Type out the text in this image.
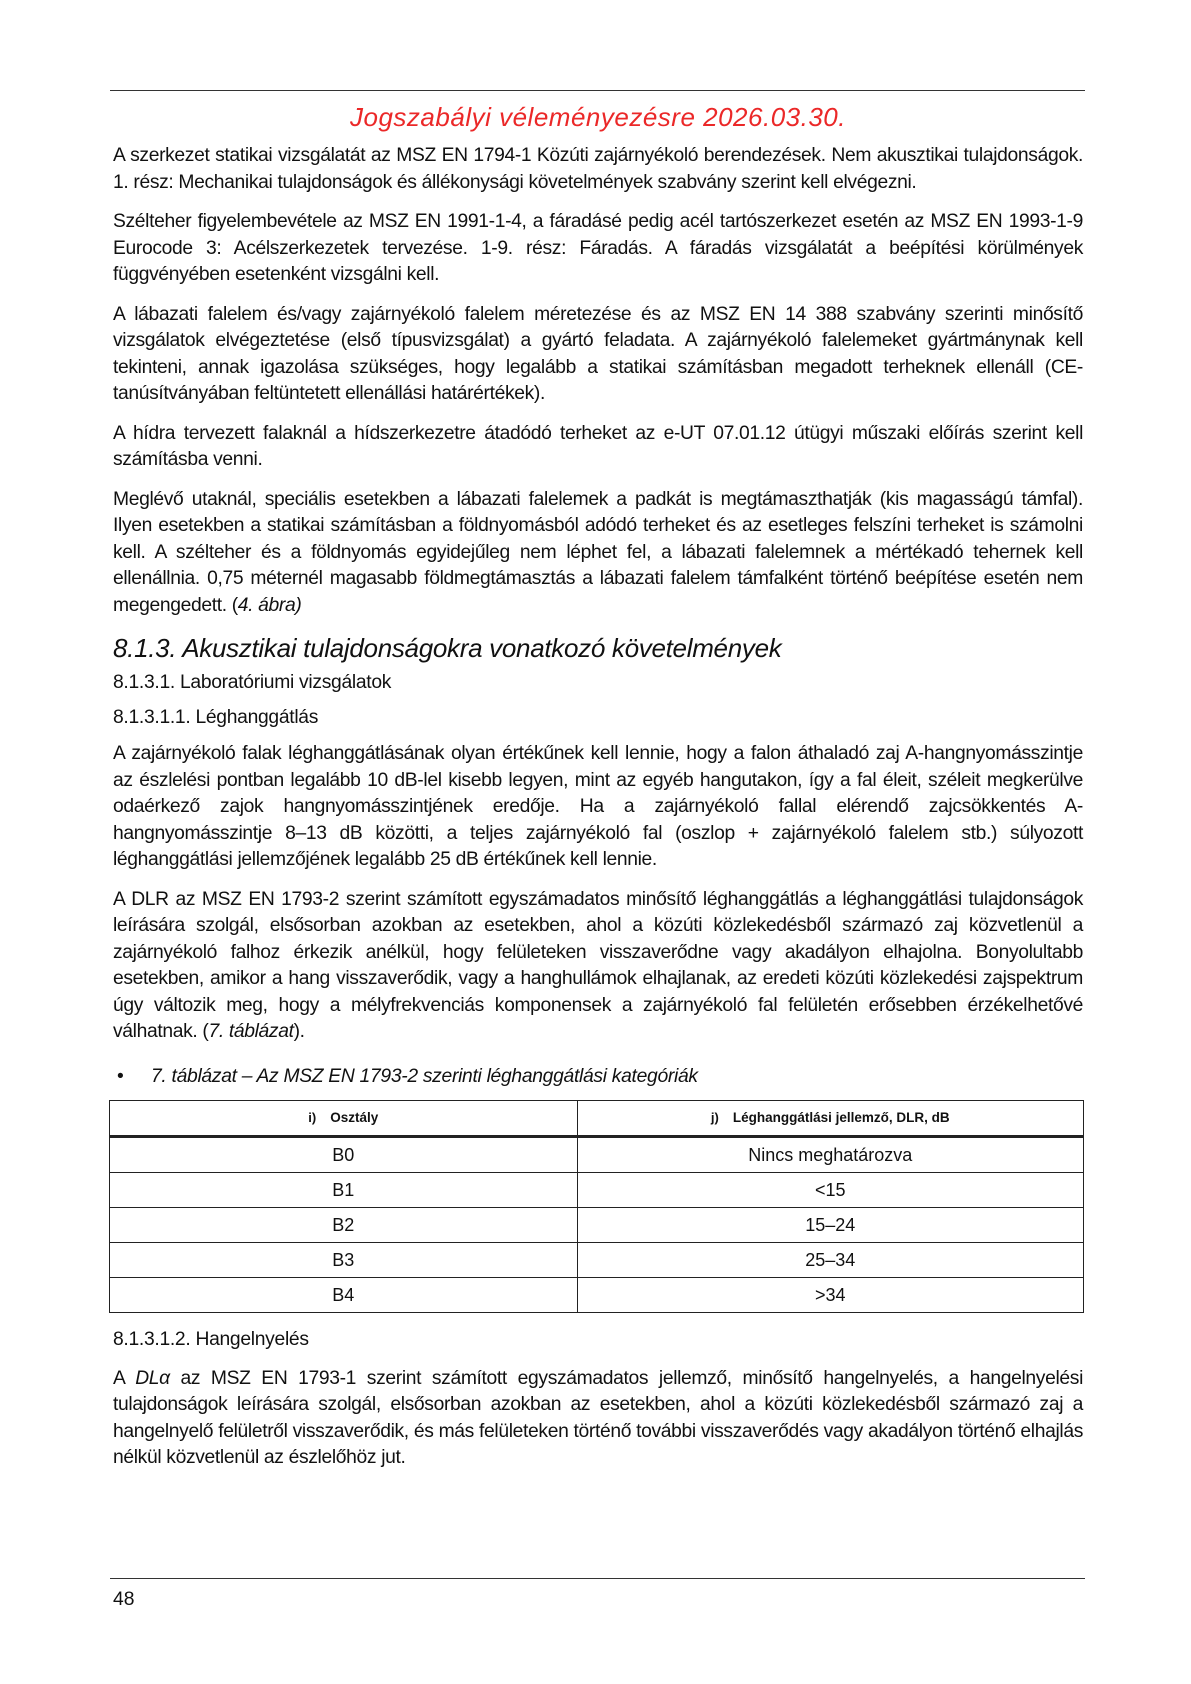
Jogszabályi véleményezésre 2026.03.30.

A szerkezet statikai vizsgálatát az MSZ EN 1794-1 Közúti zajárnyékoló berendezések. Nem akusztikai tulajdonságok. 1. rész: Mechanikai tulajdonságok és állékonysági követelmények szabvány szerint kell elvégezni.

Szélteher figyelembevétele az MSZ EN 1991-1-4, a fáradásé pedig acél tartószerkezet esetén az MSZ EN 1993-1-9 Eurocode 3: Acélszerkezetek tervezése. 1-9. rész: Fáradás. A fáradás vizsgálatát a beépítési körülmények függvényében esetenként vizsgálni kell.

A lábazati falelem és/vagy zajárnyékoló falelem méretezése és az MSZ EN 14 388 szabvány szerinti minősítő vizsgálatok elvégeztetése (első típusvizsgálat) a gyártó feladata. A zajárnyékoló falelemeket gyártmánynak kell tekinteni, annak igazolása szükséges, hogy legalább a statikai számításban megadott terheknek ellenáll (CE-tanúsítványában feltüntetett ellenállási határértékek).

A hídra tervezett falaknál a hídszerkezetre átadódó terheket az e-UT 07.01.12 útügyi műszaki előírás szerint kell számításba venni.

Meglévő utaknál, speciális esetekben a lábazati falelemek a padkát is megtámaszthatják (kis magasságú támfal). Ilyen esetekben a statikai számításban a földnyomásból adódó terheket és az esetleges felszíni terheket is számolni kell. A szélteher és a földnyomás egyidejűleg nem léphet fel, a lábazati falelemnek a mértékadó tehernek kell ellenállnia. 0,75 méternél magasabb földmegtámasztás a lábazati falelem támfalként történő beépítése esetén nem megengedett. (4. ábra)

8.1.3. Akusztikai tulajdonságokra vonatkozó követelmények
8.1.3.1. Laboratóriumi vizsgálatok
8.1.3.1.1. Léghanggátlás

A zajárnyékoló falak léghanggátlásának olyan értékűnek kell lennie, hogy a falon áthaladó zaj A-hangnyomásszintje az észlelési pontban legalább 10 dB-lel kisebb legyen, mint az egyéb hangutakon, így a fal éleit, széleit megkerülve odaérkező zajok hangnyomásszintjének eredője. Ha a zajárnyékoló fallal elérendő zajcsökkentés A-hangnyomásszintje 8–13 dB közötti, a teljes zajárnyékoló fal (oszlop + zajárnyékoló falelem stb.) súlyozott léghanggátlási jellemzőjének legalább 25 dB értékűnek kell lennie.

A DLR az MSZ EN 1793-2 szerint számított egyszámadatos minősítő léghanggátlás a léghanggátlási tulajdonságok leírására szolgál, elsősorban azokban az esetekben, ahol a közúti közlekedésből származó zaj közvetlenül a zajárnyékoló falhoz érkezik anélkül, hogy felületeken visszaverődne vagy akadályon elhajolna. Bonyolultabb esetekben, amikor a hang visszaverődik, vagy a hanghullámok elhajlanak, az eredeti közúti közlekedési zajspektrum úgy változik meg, hogy a mélyfrekvenciás komponensek a zajárnyékoló fal felületén erősebben érzékelhetővé válhatnak. (7. táblázat).

• 7. táblázat – Az MSZ EN 1793-2 szerinti léghanggátlási kategóriák
i) Osztály	j) Léghanggátlási jellemző, DLR, dB
B0	Nincs meghatározva
B1	<15
B2	15–24
B3	25–34
B4	>34
8.1.3.1.2. Hangelnyelés

A DLα az MSZ EN 1793-1 szerint számított egyszámadatos jellemző, minősítő hangelnyelés, a hangelnyelési tulajdonságok leírására szolgál, elsősorban azokban az esetekben, ahol a közúti közlekedésből származó zaj a hangelnyelő felületről visszaverődik, és más felületeken történő további visszaverődés vagy akadályon történő elhajlás nélkül közvetlenül az észlelőhöz jut.

48
